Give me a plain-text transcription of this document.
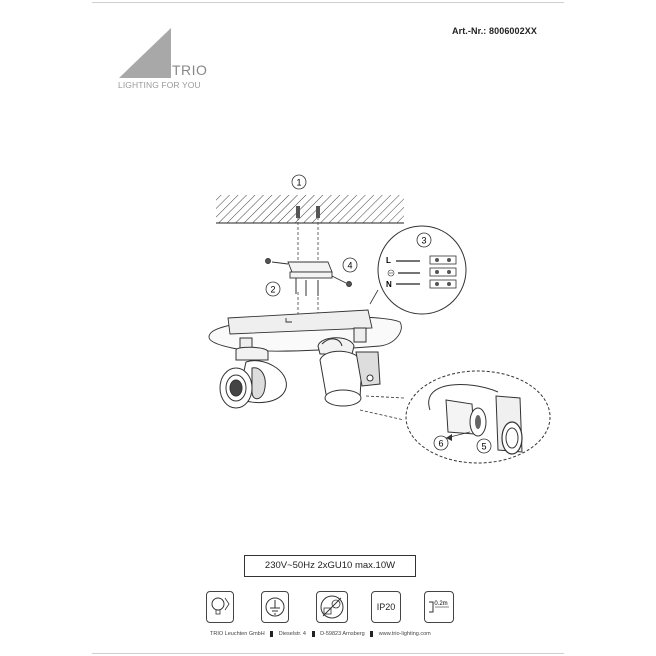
Art.-Nr.: 8006002XX
TRIO
LIGHTING FOR YOU
1
2
4
3
L
N
5
6
230V~50Hz 2xGU10 max.10W
IP20	0.2m
TRIO Leuchten GmbH	Dieselstr. 4	D-59823 Arnsberg	www.trio-lighting.com
